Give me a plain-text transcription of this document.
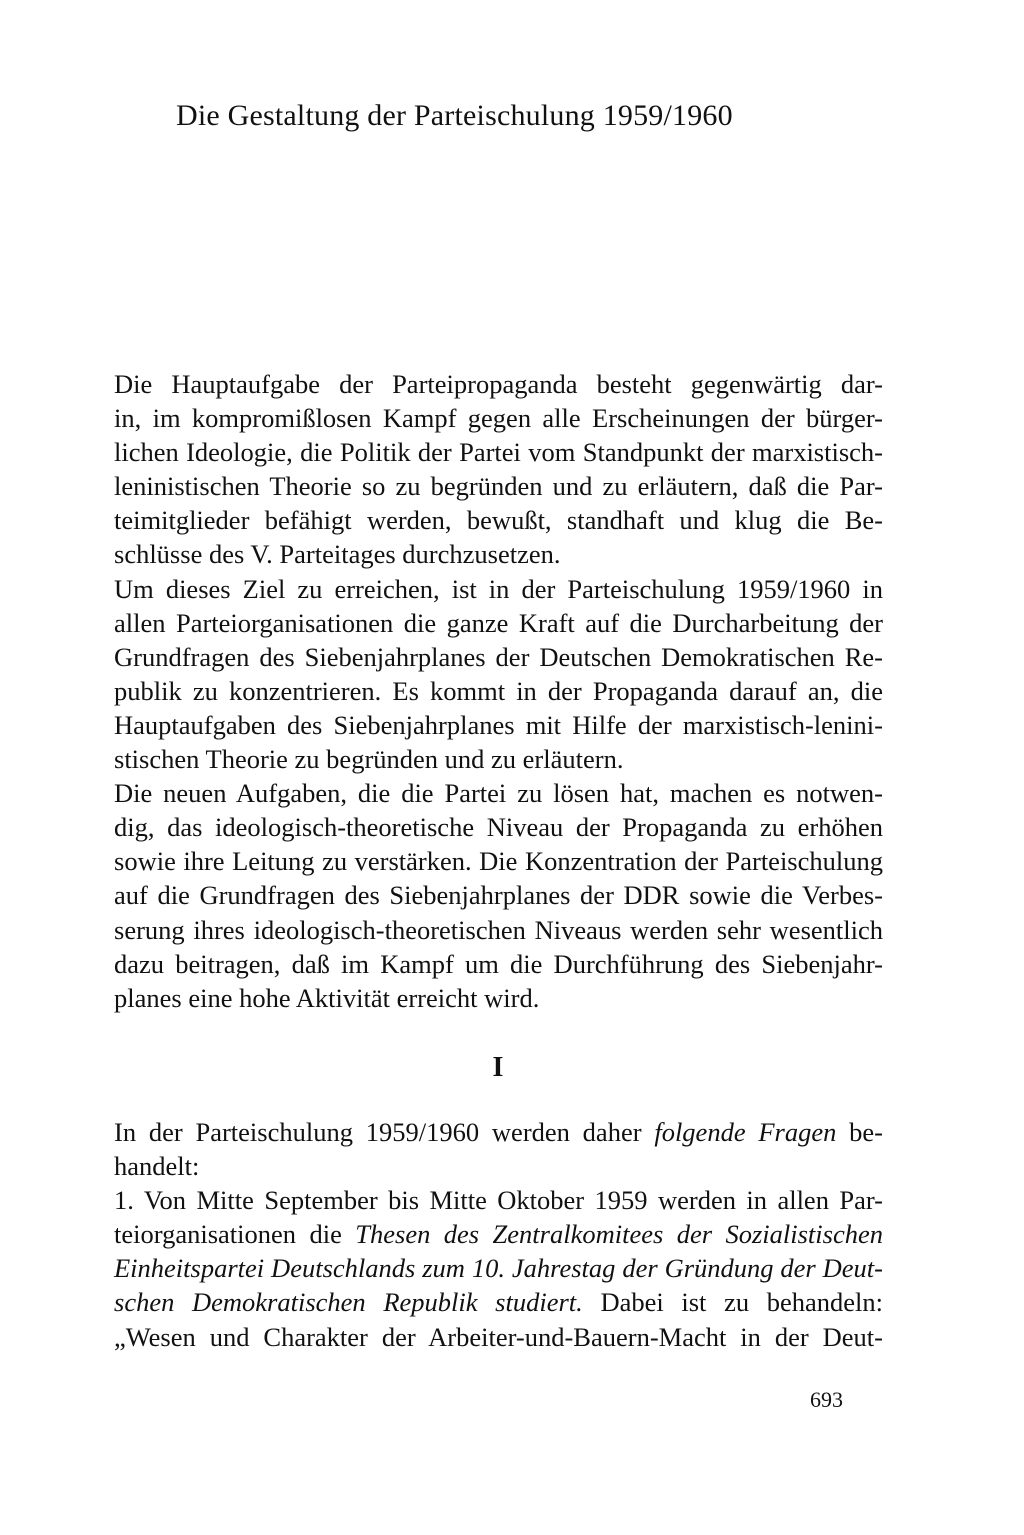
Die Gestaltung der Parteischulung 1959/1960
Die Hauptaufgabe der Parteipropaganda besteht gegenwärtig dar-
in, im kompromißlosen Kampf gegen alle Erscheinungen der bürger-
lichen Ideologie, die Politik der Partei vom Standpunkt der marxistisch-
leninistischen Theorie so zu begründen und zu erläutern, daß die Par-
teimitglieder befähigt werden, bewußt, standhaft und klug die Be-
schlüsse des V. Parteitages durchzusetzen.
Um dieses Ziel zu erreichen, ist in der Parteischulung 1959/1960 in
allen Parteiorganisationen die ganze Kraft auf die Durcharbeitung der
Grundfragen des Siebenjahrplanes der Deutschen Demokratischen Re-
publik zu konzentrieren. Es kommt in der Propaganda darauf an, die
Hauptaufgaben des Siebenjahrplanes mit Hilfe der marxistisch-lenini-
stischen Theorie zu begründen und zu erläutern.
Die neuen Aufgaben, die die Partei zu lösen hat, machen es notwen-
dig, das ideologisch-theoretische Niveau der Propaganda zu erhöhen
sowie ihre Leitung zu verstärken. Die Konzentration der Parteischulung
auf die Grundfragen des Siebenjahrplanes der DDR sowie die Verbes-
serung ihres ideologisch-theoretischen Niveaus werden sehr wesentlich
dazu beitragen, daß im Kampf um die Durchführung des Siebenjahr-
planes eine hohe Aktivität erreicht wird.
I
In der Parteischulung 1959/1960 werden daher folgende Fragen be-
handelt:
1. Von Mitte September bis Mitte Oktober 1959 werden in allen Par-
teiorganisationen die Thesen des Zentralkomitees der Sozialistischen
Einheitspartei Deutschlands zum 10. Jahrestag der Gründung der Deut-
schen Demokratischen Republik studiert. Dabei ist zu behandeln:
„Wesen und Charakter der Arbeiter-und-Bauern-Macht in der Deut-
693
